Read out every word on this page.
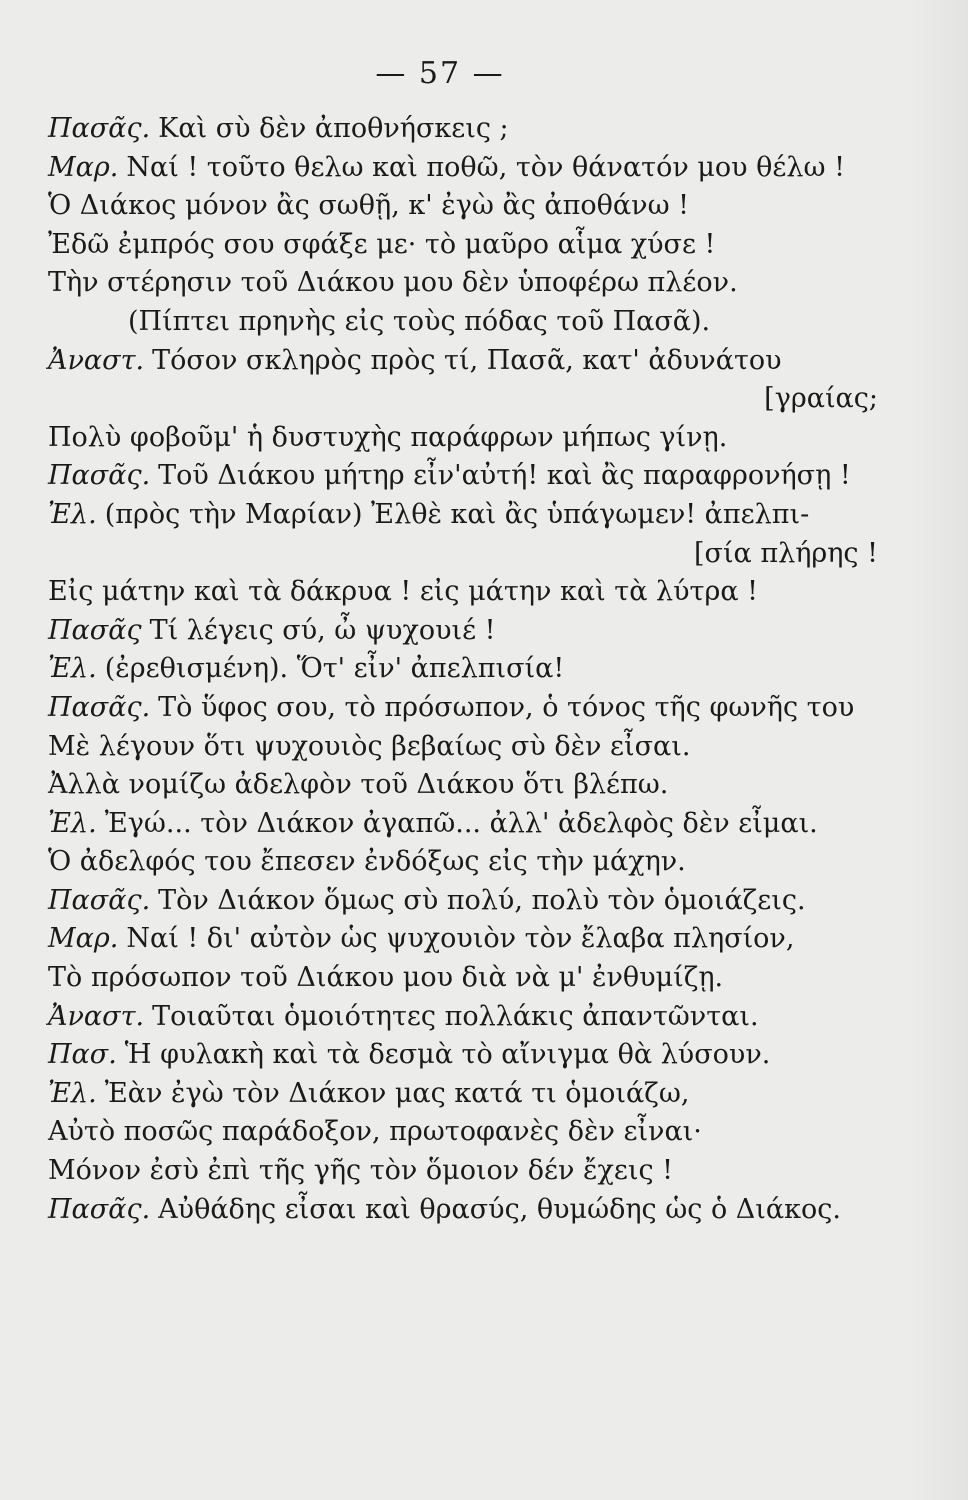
— 57 —
Πασᾶς. Καὶ σὺ δὲν ἀποθνήσκεις ;
Μαρ. Ναί ! τοῦτο θελω καὶ ποθῶ, τὸν θάνατόν μου θέλω !
Ὁ Διάκος μόνον ἂς σωθῇ, κ' ἐγὼ ἂς ἀποθάνω !
Ἐδῶ ἐμπρός σου σφάξε με· τὸ μαῦρο αἷμα χύσε !
Τὴν στέρησιν τοῦ Διάκου μου δὲν ὑποφέρω πλέον.
(Πίπτει πρηνὴς εἰς τοὺς πόδας τοῦ Πασᾶ).
Ἀναστ. Τόσον σκληρὸς πρὸς τί, Πασᾶ, κατ' ἀδυνάτου
[γραίας;
Πολὺ φοβοῦμ' ἡ δυστυχὴς παράφρων μήπως γίνῃ.
Πασᾶς. Τοῦ Διάκου μήτηρ εἶν'αὐτή! καὶ ἂς παραφρονήσῃ !
Ἐλ. (πρὸς τὴν Μαρίαν) Ἐλθὲ καὶ ἂς ὑπάγωμεν! ἀπελπι-
[σία πλήρης !
Εἰς μάτην καὶ τὰ δάκρυα ! εἰς μάτην καὶ τὰ λύτρα !
Πασᾶς Τί λέγεις σύ, ὦ ψυχουιέ !
Ἐλ. (ἐρεθισμένη). Ὅτ' εἶν' ἀπελπισία!
Πασᾶς. Τὸ ὕφος σου, τὸ πρόσωπον, ὁ τόνος τῆς φωνῆς του
Μὲ λέγουν ὅτι ψυχουιὸς βεβαίως σὺ δὲν εἶσαι.
Ἀλλὰ νομίζω ἀδελφὸν τοῦ Διάκου ὅτι βλέπω.
Ἐλ. Ἐγώ... τὸν Διάκον ἀγαπῶ... ἀλλ' ἀδελφὸς δὲν εἶμαι.
Ὁ ἀδελφός του ἔπεσεν ἐνδόξως εἰς τὴν μάχην.
Πασᾶς. Τὸν Διάκον ὅμως σὺ πολύ, πολὺ τὸν ὁμοιάζεις.
Μαρ. Ναί ! δι' αὐτὸν ὡς ψυχουιὸν τὸν ἔλαβα πλησίον,
Τὸ πρόσωπον τοῦ Διάκου μου διὰ νὰ μ' ἐνθυμίζῃ.
Ἀναστ. Τοιαῦται ὁμοιότητες πολλάκις ἀπαντῶνται.
Πασ. Ἡ φυλακὴ καὶ τὰ δεσμὰ τὸ αἴνιγμα θὰ λύσουν.
Ἐλ. Ἐὰν ἐγὼ τὸν Διάκον μας κατά τι ὁμοιάζω,
Αὐτὸ ποσῶς παράδοξον, πρωτοφανὲς δὲν εἶναι·
Μόνον ἐσὺ ἐπὶ τῆς γῆς τὸν ὅμοιον δέν ἔχεις !
Πασᾶς. Αὐθάδης εἶσαι καὶ θρασύς, θυμώδης ὡς ὁ Διάκος.
